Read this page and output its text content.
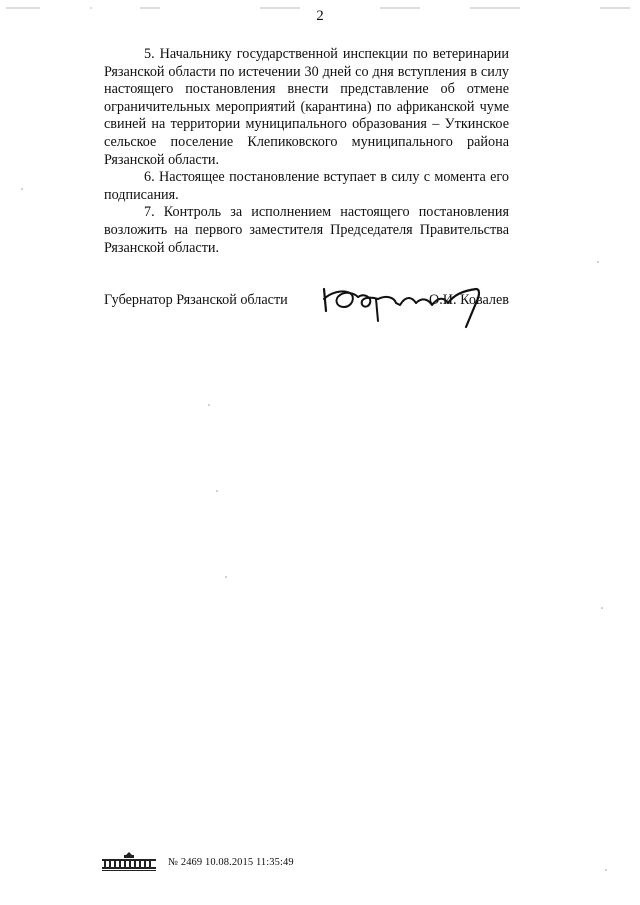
2

5. Начальнику государственной инспекции по ветеринарии Рязанской области по истечении 30 дней со дня вступления в силу настоящего постановления внести представление об отмене ограничительных мероприятий (карантина) по африканской чуме свиней на территории муниципального образования – Уткинское сельское поселение Клепиковского муниципального района Рязанской области.

6. Настоящее постановление вступает в силу с момента его подписания.

7. Контроль за исполнением настоящего постановления возложить на первого заместителя Председателя Правительства Рязанской области.

Губернатор Рязанской области	О.И. Ковалев
№ 2469 10.08.2015 11:35:49
